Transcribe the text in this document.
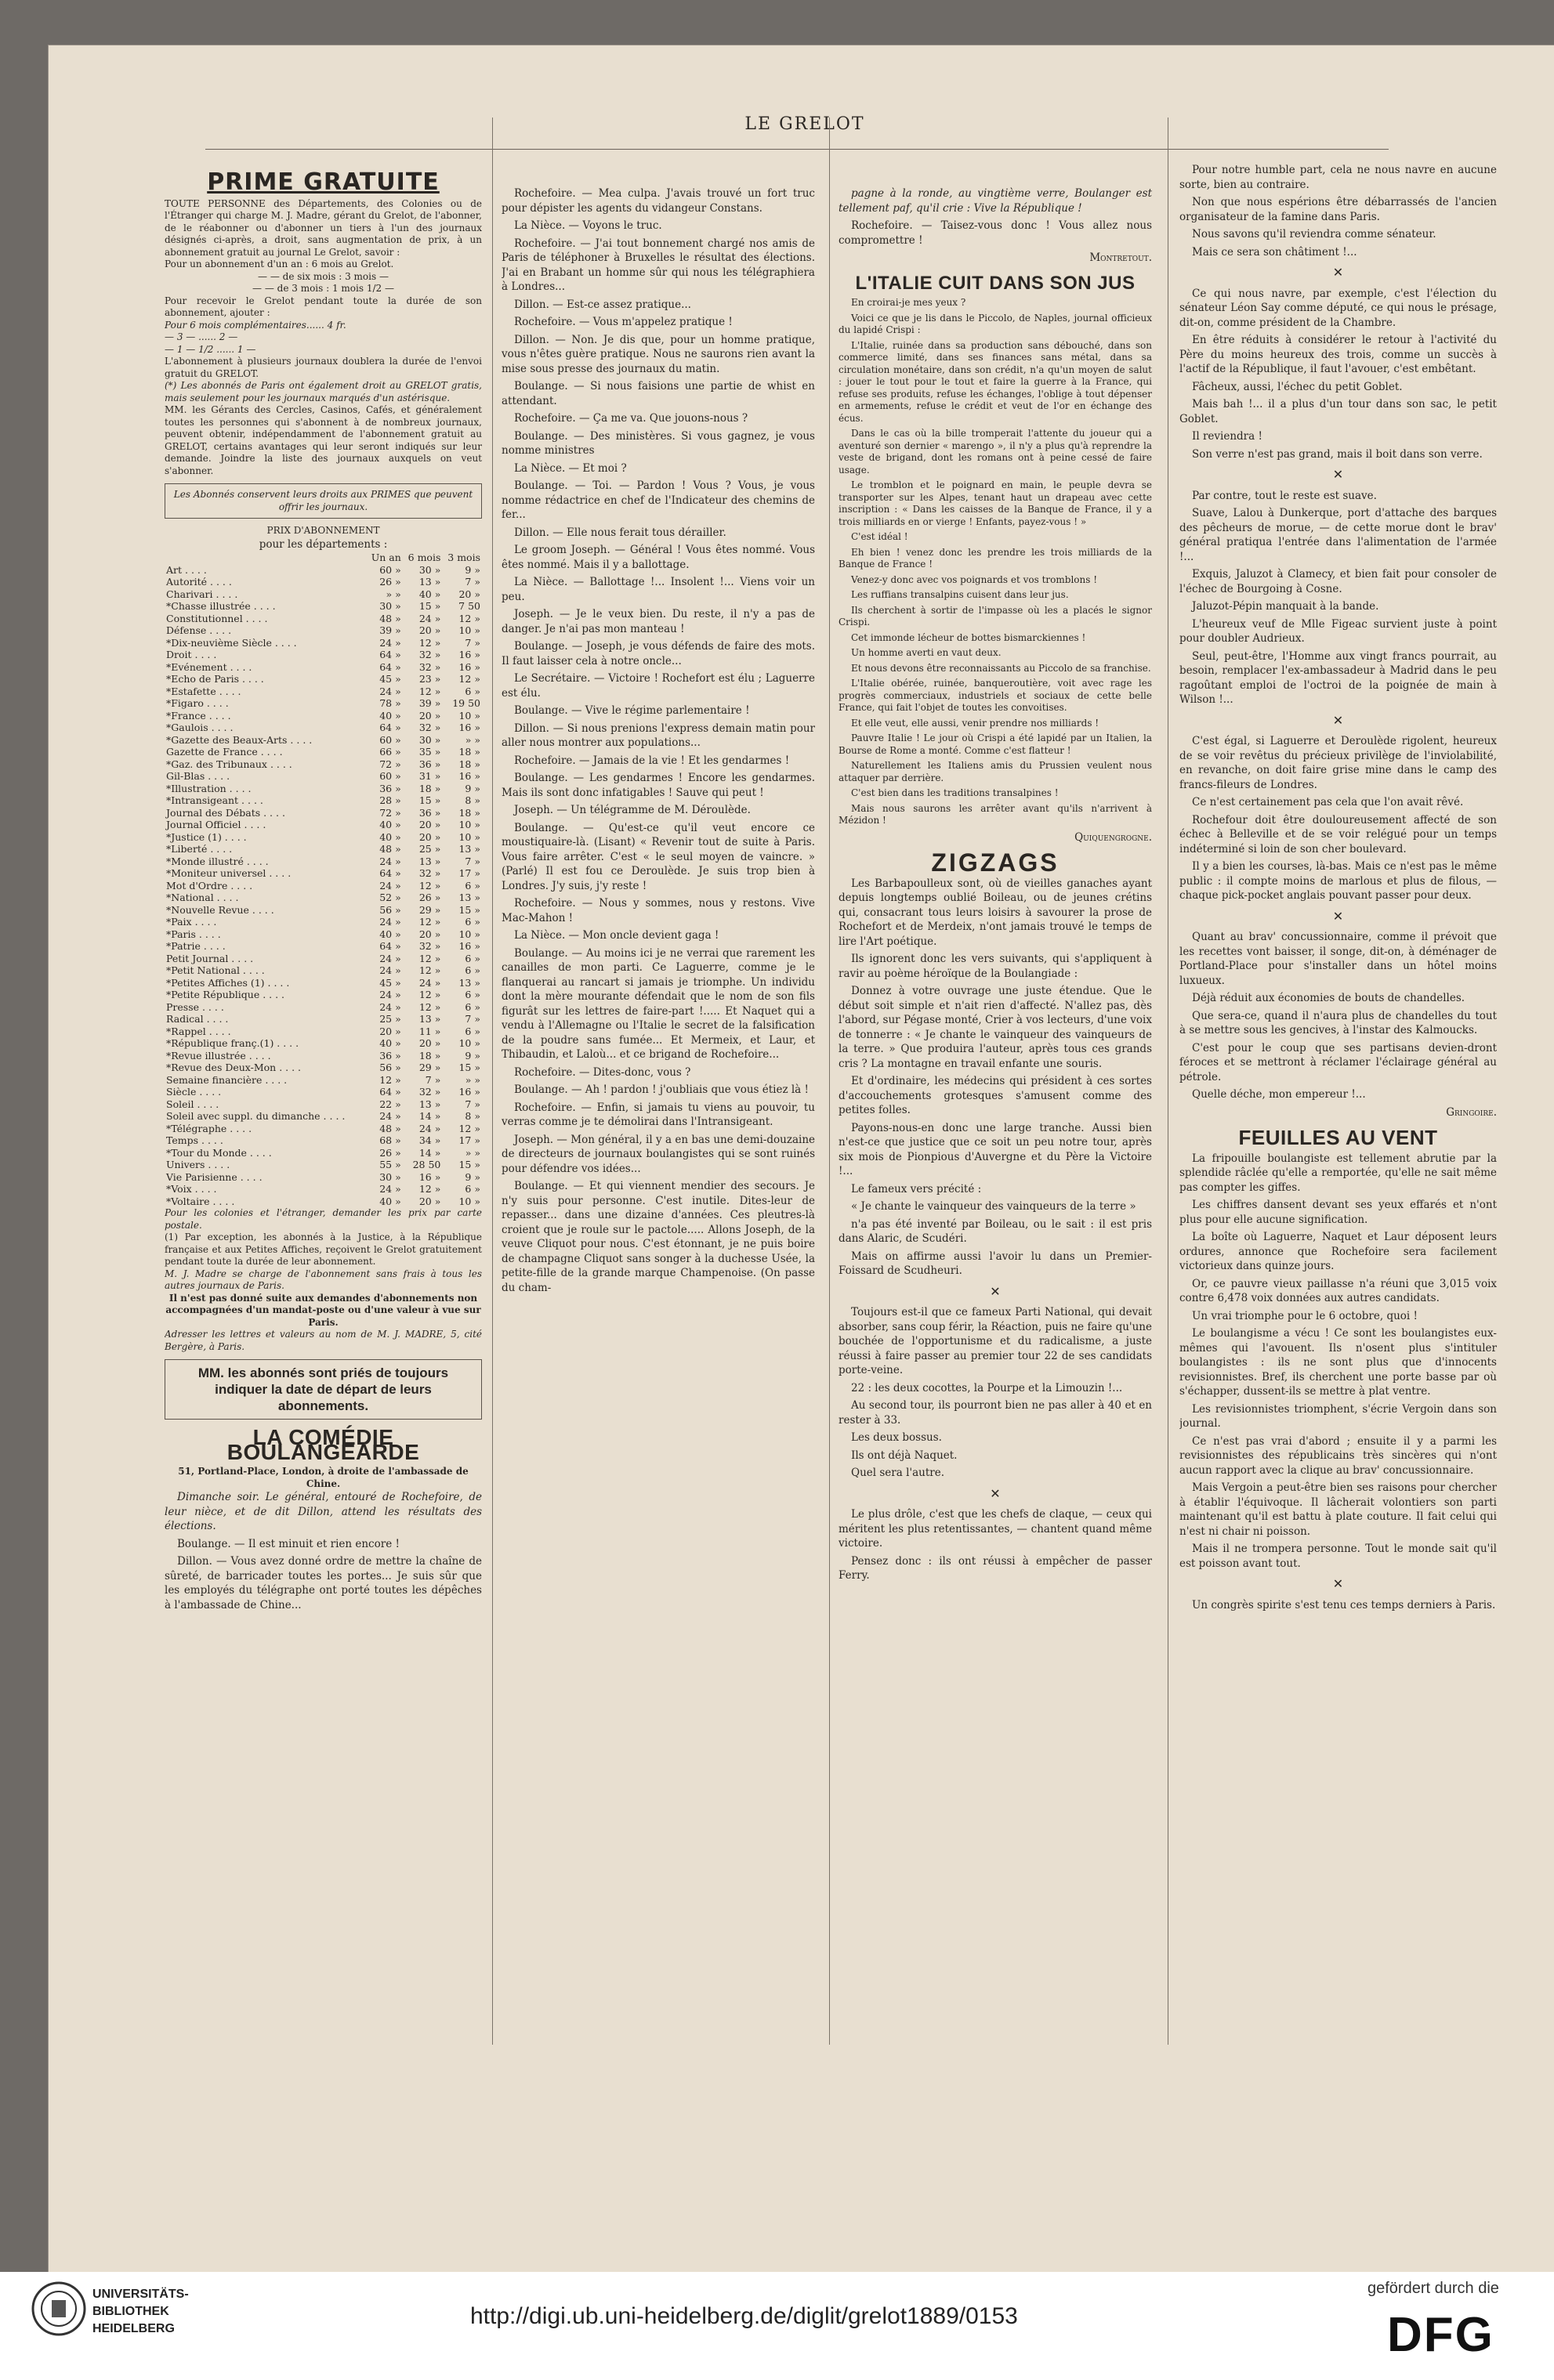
LE GRELOT
PRIME GRATUITE
TOUTE PERSONNE des Départements, des Colonies ou de l'Étranger qui charge M. J. Madre, gérant du Grelot, de l'abonner, de le réabonner ou d'abonner un tiers à l'un des journaux désignés ci-après, a droit, sans augmentation de prix, à un abonnement gratuit au journal Le Grelot, savoir :
Pour un abonnement d'un an : 6 mois au Grelot.
— — de six mois : 3 mois —
— — de 3 mois : 1 mois 1/2 —
Pour recevoir le Grelot pendant toute la durée de son abonnement, ajouter :
Pour 6 mois complémentaires...... 4 fr.
— 3 — ...... 2 —
— 1 — 1/2 ...... 1 —
L'abonnement à plusieurs journaux doublera la durée de l'envoi gratuit du GRELOT.
(*) Les abonnés de Paris ont également droit au GRELOT gratis, mais seulement pour les journaux marqués d'un astérisque.
MM. les Gérants des Cercles, Casinos, Cafés, et généralement toutes les personnes qui s'abonnent à de nombreux journaux, peuvent obtenir, indépendamment de l'abonnement gratuit au GRELOT, certains avantages qui leur seront indiqués sur leur demande. Joindre la liste des journaux auxquels on veut s'abonner.
Les Abonnés conservent leurs droits aux PRIMES que peuvent offrir les journaux.
PRIX D'ABONNEMENT
pour les départements :
	Un an	6 mois	3 mois
Art . . . .	60 »	30 »	9 »
Autorité . . . .	26 »	13 »	7 »
Charivari . . . .	» »	40 »	20 »
*Chasse illustrée . . . .	30 »	15 »	7 50
Constitutionnel . . . .	48 »	24 »	12 »
Défense . . . .	39 »	20 »	10 »
*Dix-neuvième Siècle . . . .	24 »	12 »	7 »
Droit . . . .	64 »	32 »	16 »
*Evénement . . . .	64 »	32 »	16 »
*Echo de Paris . . . .	45 »	23 »	12 »
*Estafette . . . .	24 »	12 »	6 »
*Figaro . . . .	78 »	39 »	19 50
*France . . . .	40 »	20 »	10 »
*Gaulois . . . .	64 »	32 »	16 »
*Gazette des Beaux-Arts . . . .	60 »	30 »	» »
Gazette de France . . . .	66 »	35 »	18 »
*Gaz. des Tribunaux . . . .	72 »	36 »	18 »
Gil-Blas . . . .	60 »	31 »	16 »
*Illustration . . . .	36 »	18 »	9 »
*Intransigeant . . . .	28 »	15 »	8 »
Journal des Débats . . . .	72 »	36 »	18 »
Journal Officiel . . . .	40 »	20 »	10 »
*Justice (1) . . . .	40 »	20 »	10 »
*Liberté . . . .	48 »	25 »	13 »
*Monde illustré . . . .	24 »	13 »	7 »
*Moniteur universel . . . .	64 »	32 »	17 »
Mot d'Ordre . . . .	24 »	12 »	6 »
*National . . . .	52 »	26 »	13 »
*Nouvelle Revue . . . .	56 »	29 »	15 »
*Paix . . . .	24 »	12 »	6 »
*Paris . . . .	40 »	20 »	10 »
*Patrie . . . .	64 »	32 »	16 »
Petit Journal . . . .	24 »	12 »	6 »
*Petit National . . . .	24 »	12 »	6 »
*Petites Affiches (1) . . . .	45 »	24 »	13 »
*Petite République . . . .	24 »	12 »	6 »
Presse . . . .	24 »	12 »	6 »
Radical . . . .	25 »	13 »	7 »
*Rappel . . . .	20 »	11 »	6 »
*République franç.(1) . . . .	40 »	20 »	10 »
*Revue illustrée . . . .	36 »	18 »	9 »
*Revue des Deux-Mon . . . .	56 »	29 »	15 »
Semaine financière . . . .	12 »	7 »	» »
Siècle . . . .	64 »	32 »	16 »
Soleil . . . .	22 »	13 »	7 »
Soleil avec suppl. du dimanche . . . .	24 »	14 »	8 »
*Télégraphe . . . .	48 »	24 »	12 »
Temps . . . .	68 »	34 »	17 »
*Tour du Monde . . . .	26 »	14 »	» »
Univers . . . .	55 »	28 50	15 »
Vie Parisienne . . . .	30 »	16 »	9 »
*Voix . . . .	24 »	12 »	6 »
*Voltaire . . . .	40 »	20 »	10 »
Pour les colonies et l'étranger, demander les prix par carte postale.
(1) Par exception, les abonnés à la Justice, à la République française et aux Petites Affiches, reçoivent le Grelot gratuitement pendant toute la durée de leur abonnement.
M. J. Madre se charge de l'abonnement sans frais à tous les autres journaux de Paris.
Il n'est pas donné suite aux demandes d'abonnements non accompagnées d'un mandat-poste ou d'une valeur à vue sur Paris.
Adresser les lettres et valeurs au nom de M. J. MADRE, 5, cité Bergère, à Paris.
MM. les abonnés sont priés de toujours indiquer la date de départ de leurs abonnements.
LA COMÉDIE BOULANGEARDE
51, Portland-Place, London, à droite de l'ambassade de Chine.

Dimanche soir. Le général, entouré de Rochefoire, de leur nièce, et de dit Dillon, attend les résultats des élections.

Boulange. — Il est minuit et rien encore !

Dillon. — Vous avez donné ordre de mettre la chaîne de sûreté, de barricader toutes les portes... Je suis sûr que les employés du télégraphe ont porté toutes les dépêches à l'ambassade de Chine...

Rochefoire. — Mea culpa. J'avais trouvé un fort truc pour dépister les agents du vidangeur Constans.

La Nièce. — Voyons le truc.

Rochefoire. — J'ai tout bonnement chargé nos amis de Paris de téléphoner à Bruxelles le résultat des élections. J'ai en Brabant un homme sûr qui nous les télégraphiera à Londres...

Dillon. — Est-ce assez pratique...

Rochefoire. — Vous m'appelez pratique !

Dillon. — Non. Je dis que, pour un homme pratique, vous n'êtes guère pratique. Nous ne saurons rien avant la mise sous presse des journaux du matin.

Boulange. — Si nous faisions une partie de whist en attendant.

Rochefoire. — Ça me va. Que jouons-nous ?

Boulange. — Des ministères. Si vous gagnez, je vous nomme ministres

La Nièce. — Et moi ?

Boulange. — Toi. — Pardon ! Vous ? Vous, je vous nomme rédactrice en chef de l'Indicateur des chemins de fer...

Dillon. — Elle nous ferait tous dérailler.

Le groom Joseph. — Général ! Vous êtes nommé. Vous êtes nommé. Mais il y a ballottage.

La Nièce. — Ballottage !... Insolent !... Viens voir un peu.

Joseph. — Je le veux bien. Du reste, il n'y a pas de danger. Je n'ai pas mon manteau !

Boulange. — Joseph, je vous défends de faire des mots. Il faut laisser cela à notre oncle...

Le Secrétaire. — Victoire ! Rochefort est élu ; Laguerre est élu.

Boulange. — Vive le régime parlementaire !

Dillon. — Si nous prenions l'express demain matin pour aller nous montrer aux populations...

Rochefoire. — Jamais de la vie ! Et les gendarmes !

Boulange. — Les gendarmes ! Encore les gendarmes. Mais ils sont donc infatigables ! Sauve qui peut !

Joseph. — Un télégramme de M. Déroulède.

Boulange. — Qu'est-ce qu'il veut encore ce moustiquaire-là. (Lisant) « Revenir tout de suite à Paris. Vous faire arrêter. C'est « le seul moyen de vaincre. » (Parlé) Il est fou ce Deroulède. Je suis trop bien à Londres. J'y suis, j'y reste !

Rochefoire. — Nous y sommes, nous y restons. Vive Mac-Mahon !

La Nièce. — Mon oncle devient gaga !

Boulange. — Au moins ici je ne verrai que rarement les canailles de mon parti. Ce Laguerre, comme je le flanquerai au rancart si jamais je triomphe. Un individu dont la mère mourante défendait que le nom de son fils figurât sur les lettres de faire-part !..... Et Naquet qui a vendu à l'Allemagne ou l'Italie le secret de la falsification de la poudre sans fumée... Et Mermeix, et Laur, et Thibaudin, et Laloù... et ce brigand de Rochefoire...

Rochefoire. — Dites-donc, vous ?

Boulange. — Ah ! pardon ! j'oubliais que vous étiez là !

Rochefoire. — Enfin, si jamais tu viens au pouvoir, tu verras comme je te démolirai dans l'Intransigeant.

Joseph. — Mon général, il y a en bas une demi-douzaine de directeurs de journaux boulangistes qui se sont ruinés pour défendre vos idées...

Boulange. — Et qui viennent mendier des secours. Je n'y suis pour personne. C'est inutile. Dites-leur de repasser... dans une dizaine d'années. Ces pleutres-là croient que je roule sur le pactole..... Allons Joseph, de la veuve Cliquot pour nous. C'est étonnant, je ne puis boire de champagne Cliquot sans songer à la duchesse Usée, la petite-fille de la grande marque Champenoise. (On passe du cham-

pagne à la ronde, au vingtième verre, Boulanger est tellement paf, qu'il crie : Vive la République !

Rochefoire. — Taisez-vous donc ! Vous allez nous compromettre !

Montretout.
L'ITALIE CUIT DANS SON JUS

En croirai-je mes yeux ?

Voici ce que je lis dans le Piccolo, de Naples, journal officieux du lapidé Crispi :

L'Italie, ruinée dans sa production sans débouché, dans son commerce limité, dans ses finances sans métal, dans sa circulation monétaire, dans son crédit, n'a qu'un moyen de salut : jouer le tout pour le tout et faire la guerre à la France, qui refuse ses produits, refuse les échanges, l'oblige à tout dépenser en armements, refuse le crédit et veut de l'or en échange des écus.

Dans le cas où la bille tromperait l'attente du joueur qui a aventuré son dernier « marengo », il n'y a plus qu'à reprendre la veste de brigand, dont les romans ont à peine cessé de faire usage.

Le tromblon et le poignard en main, le peuple devra se transporter sur les Alpes, tenant haut un drapeau avec cette inscription : « Dans les caisses de la Banque de France, il y a trois milliards en or vierge ! Enfants, payez-vous ! »

C'est idéal !

Eh bien ! venez donc les prendre les trois milliards de la Banque de France !

Venez-y donc avec vos poignards et vos tromblons !

Les ruffians transalpins cuisent dans leur jus.

Ils cherchent à sortir de l'impasse où les a placés le signor Crispi.

Cet immonde lécheur de bottes bismarckiennes !

Un homme averti en vaut deux.

Et nous devons être reconnaissants au Piccolo de sa franchise.

L'Italie obérée, ruinée, banqueroutière, voit avec rage les progrès commerciaux, industriels et sociaux de cette belle France, qui fait l'objet de toutes les convoitises.

Et elle veut, elle aussi, venir prendre nos milliards !

Pauvre Italie ! Le jour où Crispi a été lapidé par un Italien, la Bourse de Rome a monté. Comme c'est flatteur !

Naturellement les Italiens amis du Prussien veulent nous attaquer par derrière.

C'est bien dans les traditions transalpines !

Mais nous saurons les arrêter avant qu'ils n'arrivent à Mézidon !

Quiquengrogne.
ZIGZAGS

Les Barbapoulleux sont, où de vieilles ganaches ayant depuis longtemps oublié Boileau, ou de jeunes crétins qui, consacrant tous leurs loisirs à savourer la prose de Rochefort et de Merdeix, n'ont jamais trouvé le temps de lire l'Art poétique.

Ils ignorent donc les vers suivants, qui s'appliquent à ravir au poème héroïque de la Boulangiade :

Donnez à votre ouvrage une juste étendue. Que le début soit simple et n'ait rien d'affecté. N'allez pas, dès l'abord, sur Pégase monté, Crier à vos lecteurs, d'une voix de tonnerre : « Je chante le vainqueur des vainqueurs de la terre. » Que produira l'auteur, après tous ces grands cris ? La montagne en travail enfante une souris.

Et d'ordinaire, les médecins qui président à ces sortes d'accouchements grotesques s'amusent comme des petites folles.

Payons-nous-en donc une large tranche. Aussi bien n'est-ce que justice que ce soit un peu notre tour, après six mois de Pionpious d'Auvergne et du Père la Victoire !...

Le fameux vers précité :

« Je chante le vainqueur des vainqueurs de la terre »

n'a pas été inventé par Boileau, ou le sait : il est pris dans Alaric, de Scudéri.

Mais on affirme aussi l'avoir lu dans un Premier-Foissard de Scudheuri.

✕

Toujours est-il que ce fameux Parti National, qui devait absorber, sans coup férir, la Réaction, puis ne faire qu'une bouchée de l'opportunisme et du radicalisme, a juste réussi à faire passer au premier tour 22 de ses candidats porte-veine.

22 : les deux cocottes, la Pourpe et la Limouzin !...

Au second tour, ils pourront bien ne pas aller à 40 et en rester à 33.

Les deux bossus.

Ils ont déjà Naquet.

Quel sera l'autre.

✕

Le plus drôle, c'est que les chefs de claque, — ceux qui méritent les plus retentissantes, — chantent quand même victoire.

Pensez donc : ils ont réussi à empêcher de passer Ferry.

Pour notre humble part, cela ne nous navre en aucune sorte, bien au contraire.

Non que nous espérions être débarrassés de l'ancien organisateur de la famine dans Paris.

Nous savons qu'il reviendra comme sénateur.

Mais ce sera son châtiment !...

✕

Ce qui nous navre, par exemple, c'est l'élection du sénateur Léon Say comme député, ce qui nous le présage, dit-on, comme président de la Chambre.

En être réduits à considérer le retour à l'activité du Père du moins heureux des trois, comme un succès à l'actif de la République, il faut l'avouer, c'est embêtant.

Fâcheux, aussi, l'échec du petit Goblet.

Mais bah !... il a plus d'un tour dans son sac, le petit Goblet.

Il reviendra !

Son verre n'est pas grand, mais il boit dans son verre.

✕

Par contre, tout le reste est suave.

Suave, Lalou à Dunkerque, port d'attache des barques des pêcheurs de morue, — de cette morue dont le brav' général pratiqua l'entrée dans l'alimentation de l'armée !...

Exquis, Jaluzot à Clamecy, et bien fait pour consoler de l'échec de Bourgoing à Cosne.

Jaluzot-Pépin manquait à la bande.

L'heureux veuf de Mlle Figeac survient juste à point pour doubler Audrieux.

Seul, peut-être, l'Homme aux vingt francs pourrait, au besoin, remplacer l'ex-ambassadeur à Madrid dans le peu ragoûtant emploi de l'octroi de la poignée de main à Wilson !...

✕

C'est égal, si Laguerre et Deroulède rigolent, heureux de se voir revêtus du précieux privilège de l'inviolabilité, en revanche, on doit faire grise mine dans le camp des francs-fileurs de Londres.

Ce n'est certainement pas cela que l'on avait rêvé.

Rochefour doit être douloureusement affecté de son échec à Belleville et de se voir relégué pour un temps indéterminé si loin de son cher boulevard.

Il y a bien les courses, là-bas. Mais ce n'est pas le même public : il compte moins de marlous et plus de filous, — chaque pick-pocket anglais pouvant passer pour deux.

✕

Quant au brav' concussionnaire, comme il prévoit que les recettes vont baisser, il songe, dit-on, à déménager de Portland-Place pour s'installer dans un hôtel moins luxueux.

Déjà réduit aux économies de bouts de chandelles.

Que sera-ce, quand il n'aura plus de chandelles du tout à se mettre sous les gencives, à l'instar des Kalmoucks.

C'est pour le coup que ses partisans devien-dront féroces et se mettront à réclamer l'éclairage général au pétrole.

Quelle déche, mon empereur !...

Gringoire.
FEUILLES AU VENT

La fripouille boulangiste est tellement abrutie par la splendide râclée qu'elle a remportée, qu'elle ne sait même pas compter les giffes.

Les chiffres dansent devant ses yeux effarés et n'ont plus pour elle aucune signification.

La boîte où Laguerre, Naquet et Laur déposent leurs ordures, annonce que Rochefoire sera facilement victorieux dans quinze jours.

Or, ce pauvre vieux paillasse n'a réuni que 3,015 voix contre 6,478 voix données aux autres candidats.

Un vrai triomphe pour le 6 octobre, quoi !

Le boulangisme a vécu ! Ce sont les boulangistes eux-mêmes qui l'avouent. Ils n'osent plus s'intituler boulangistes : ils ne sont plus que d'innocents revisionnistes. Bref, ils cherchent une porte basse par où s'échapper, dussent-ils se mettre à plat ventre.

Les revisionnistes triomphent, s'écrie Vergoin dans son journal.

Ce n'est pas vrai d'abord ; ensuite il y a parmi les revisionnistes des républicains très sincères qui n'ont aucun rapport avec la clique au brav' concussionnaire.

Mais Vergoin a peut-être bien ses raisons pour chercher à établir l'équivoque. Il lâcherait volontiers son parti maintenant qu'il est battu à plate couture. Il fait celui qui n'est ni chair ni poisson.

Mais il ne trompera personne. Tout le monde sait qu'il est poisson avant tout.

✕

Un congrès spirite s'est tenu ces temps derniers à Paris.

UNIVERSITÄTS-
BIBLIOTHEK
HEIDELBERG	http://digi.ub.uni-heidelberg.de/diglit/grelot1889/0153
gefördert durch die
DFG
